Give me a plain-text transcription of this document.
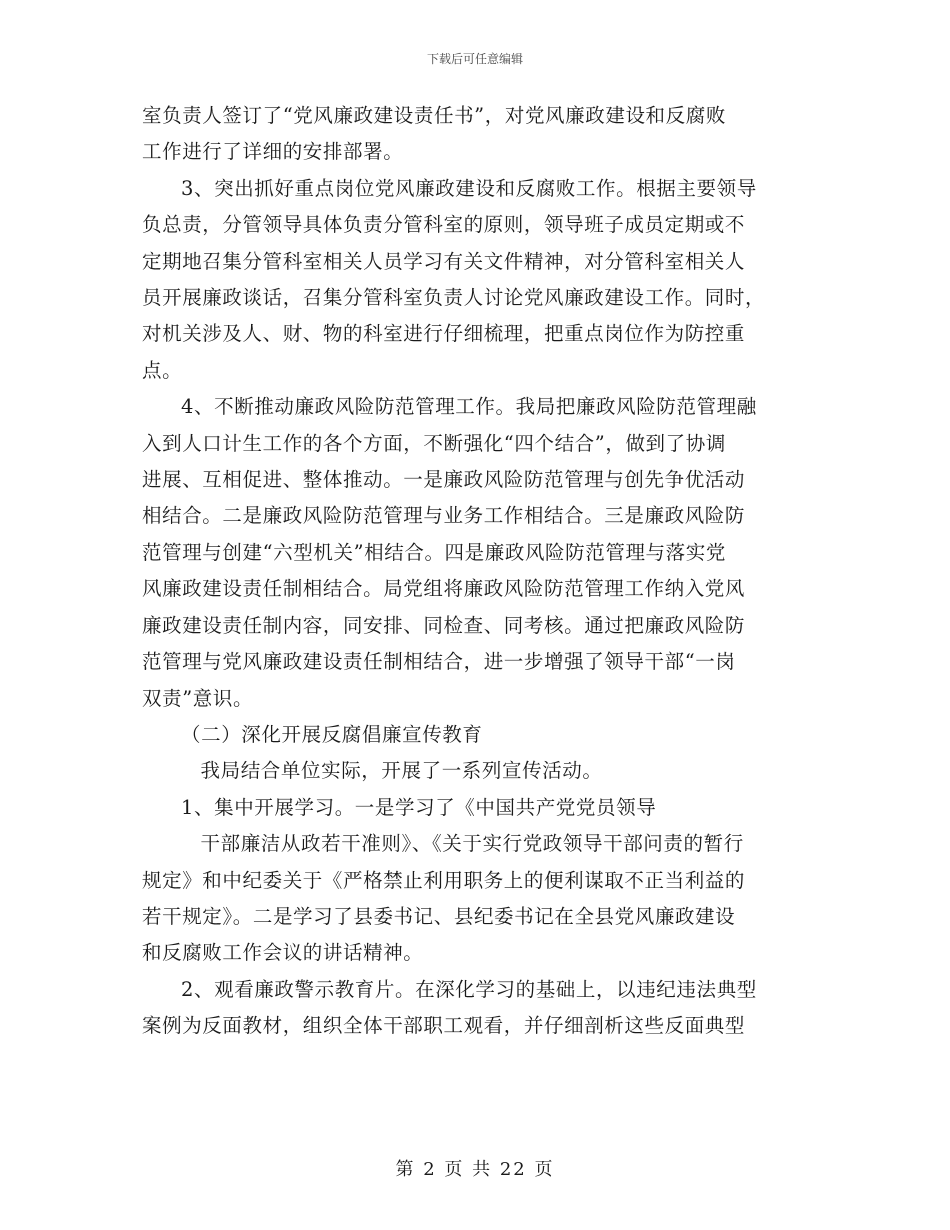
下载后可任意编辑

室负责人签订了“党风廉政建设责任书”，对党风廉政建设和反腐败
工作进行了详细的安排部署。

3、突出抓好重点岗位党风廉政建设和反腐败工作。根据主要领导

负总责，分管领导具体负责分管科室的原则，领导班子成员定期或不
定期地召集分管科室相关人员学习有关文件精神，对分管科室相关人
员开展廉政谈话，召集分管科室负责人讨论党风廉政建设工作。同时，
对机关涉及人、财、物的科室进行仔细梳理，把重点岗位作为防控重
点。

4、不断推动廉政风险防范管理工作。我局把廉政风险防范管理融

入到人口计生工作的各个方面，不断强化“四个结合”，做到了协调
进展、互相促进、整体推动。一是廉政风险防范管理与创先争优活动
相结合。二是廉政风险防范管理与业务工作相结合。三是廉政风险防
范管理与创建“六型机关”相结合。四是廉政风险防范管理与落实党
风廉政建设责任制相结合。局党组将廉政风险防范管理工作纳入党风
廉政建设责任制内容，同安排、同检查、同考核。通过把廉政风险防
范管理与党风廉政建设责任制相结合，进一步增强了领导干部“一岗
双责”意识。

（二）深化开展反腐倡廉宣传教育

我局结合单位实际，开展了一系列宣传活动。

1、集中开展学习。一是学习了《中国共产党党员领导

干部廉洁从政若干准则》、《关于实行党政领导干部问责的暂行

规定》和中纪委关于《严格禁止利用职务上的便利谋取不正当利益的
若干规定》。二是学习了县委书记、县纪委书记在全县党风廉政建设
和反腐败工作会议的讲话精神。

2、观看廉政警示教育片。在深化学习的基础上，以违纪违法典型

案例为反面教材，组织全体干部职工观看，并仔细剖析这些反面典型

第 2 页 共 22 页
